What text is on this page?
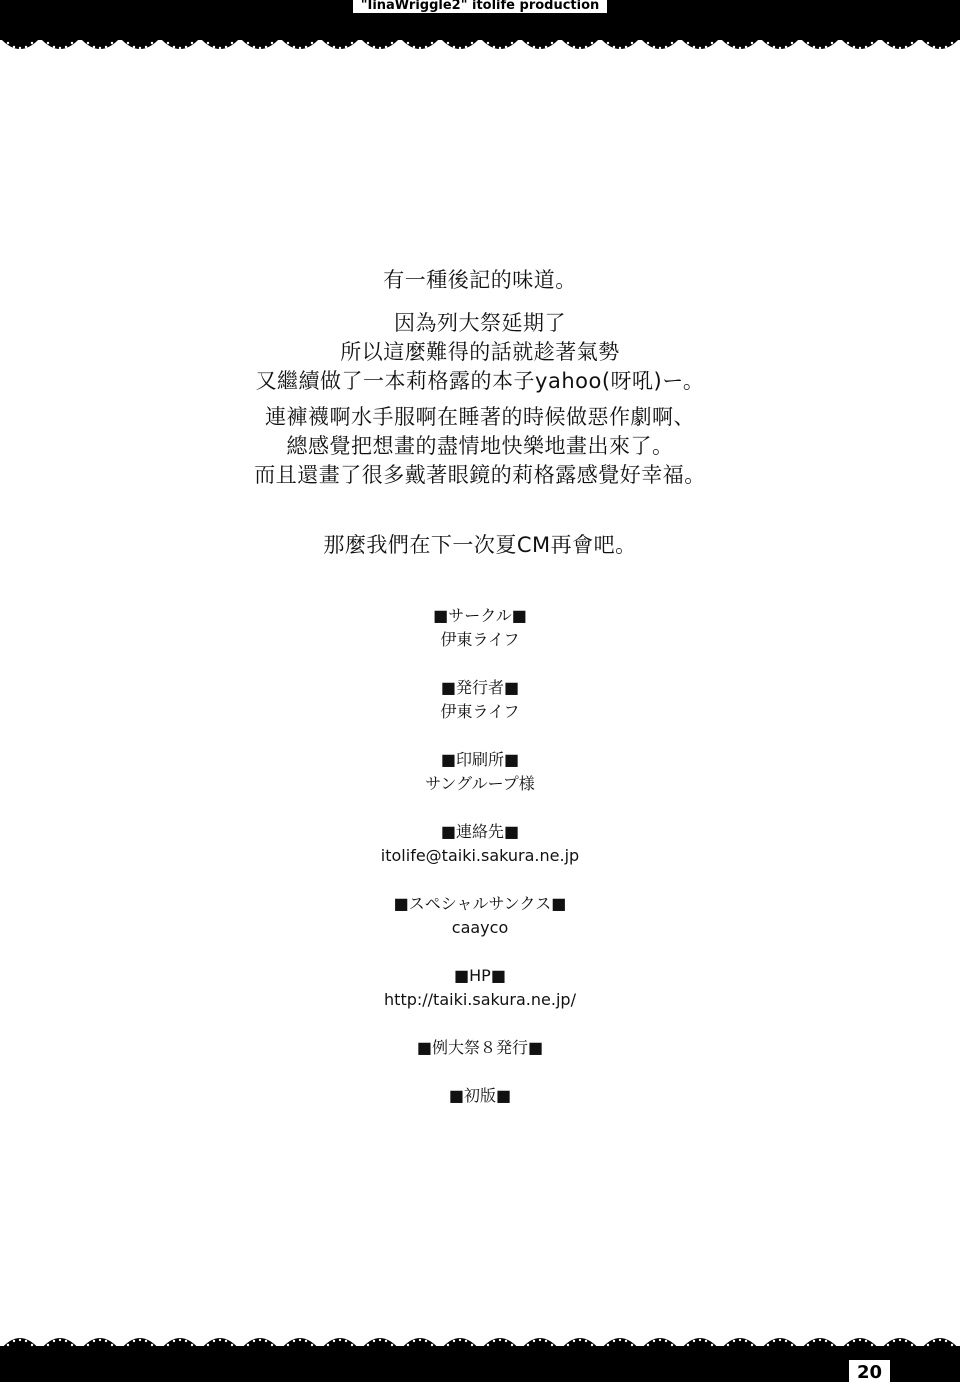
"IinaWriggle2" itolife production
有一種後記的味道。
因為列大祭延期了
所以這麼難得的話就趁著氣勢
又繼續做了一本莉格露的本子yahoo(呀吼)ー。
連褲襪啊水手服啊在睡著的時候做惡作劇啊、
總感覺把想畫的盡情地快樂地畫出來了。
而且還畫了很多戴著眼鏡的莉格露感覺好幸福。
那麼我們在下一次夏CM再會吧。
■サークル■
伊東ライフ
■発行者■
伊東ライフ
■印刷所■
サングループ様
■連絡先■
itolife@taiki.sakura.ne.jp
■スペシャルサンクス■
caayco
■HP■
http://taiki.sakura.ne.jp/
■例大祭８発行■
■初版■
20
